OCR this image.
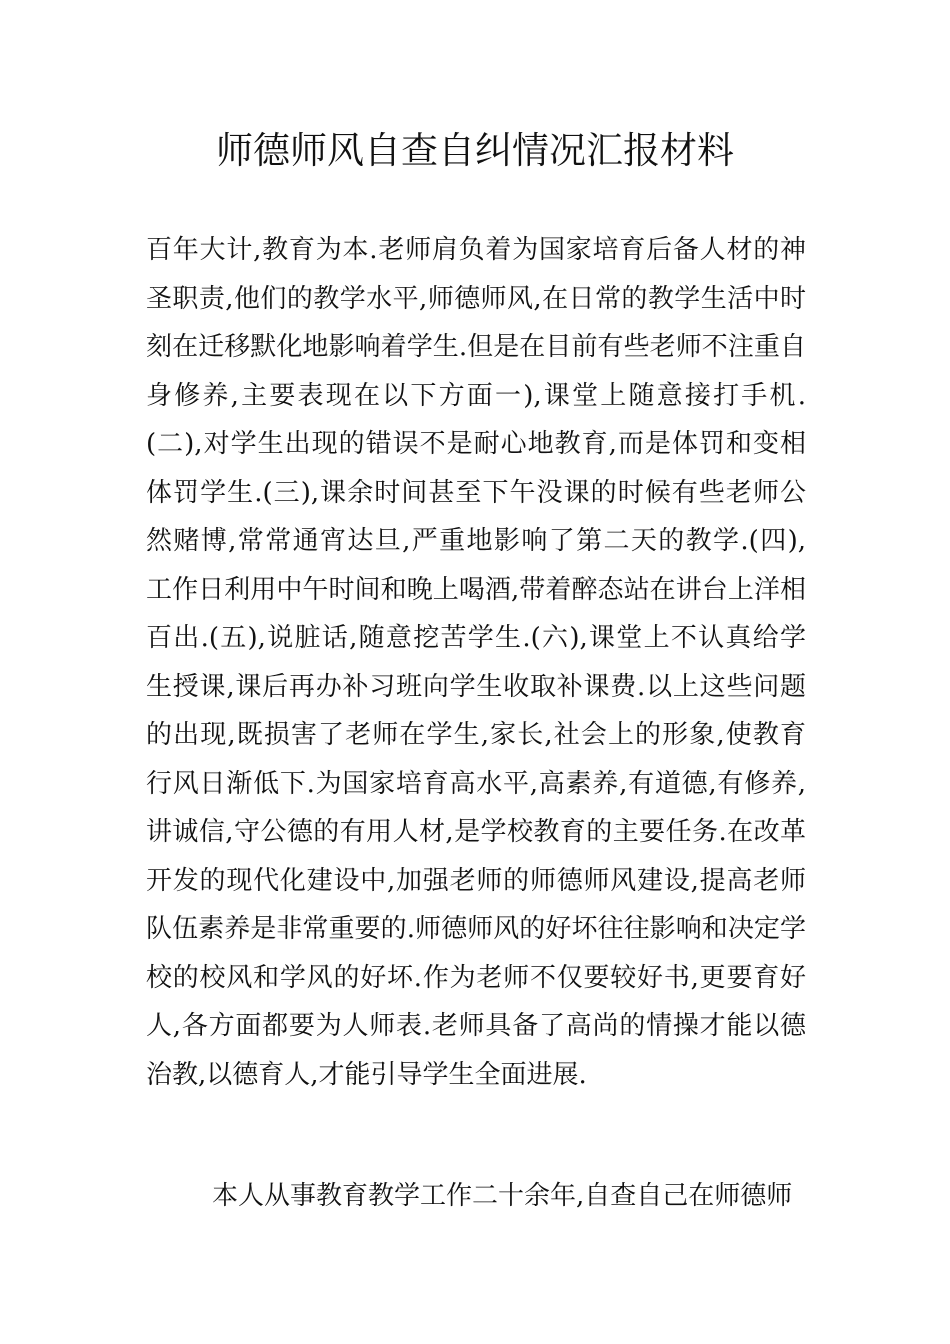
师德师风自查自纠情况汇报材料
百年大计,教育为本.老师肩负着为国家培育后备人材的神
圣职责,他们的教学水平,师德师风,在日常的教学生活中时
刻在迁移默化地影响着学生.但是在目前有些老师不注重自
身修养,主要表现在以下方面一),课堂上随意接打手机.
(二),对学生出现的错误不是耐心地教育,而是体罚和变相
体罚学生.(三),课余时间甚至下午没课的时候有些老师公
然赌博,常常通宵达旦,严重地影响了第二天的教学.(四),
工作日利用中午时间和晚上喝酒,带着醉态站在讲台上洋相
百出.(五),说脏话,随意挖苦学生.(六),课堂上不认真给学
生授课,课后再办补习班向学生收取补课费.以上这些问题
的出现,既损害了老师在学生,家长,社会上的形象,使教育
行风日渐低下.为国家培育高水平,高素养,有道德,有修养,
讲诚信,守公德的有用人材,是学校教育的主要任务.在改革
开发的现代化建设中,加强老师的师德师风建设,提高老师
队伍素养是非常重要的.师德师风的好坏往往影响和决定学
校的校风和学风的好坏.作为老师不仅要较好书,更要育好
人,各方面都要为人师表.老师具备了高尚的情操才能以德
治教,以德育人,才能引导学生全面进展.
本人从事教育教学工作二十余年,自查自己在师德师
